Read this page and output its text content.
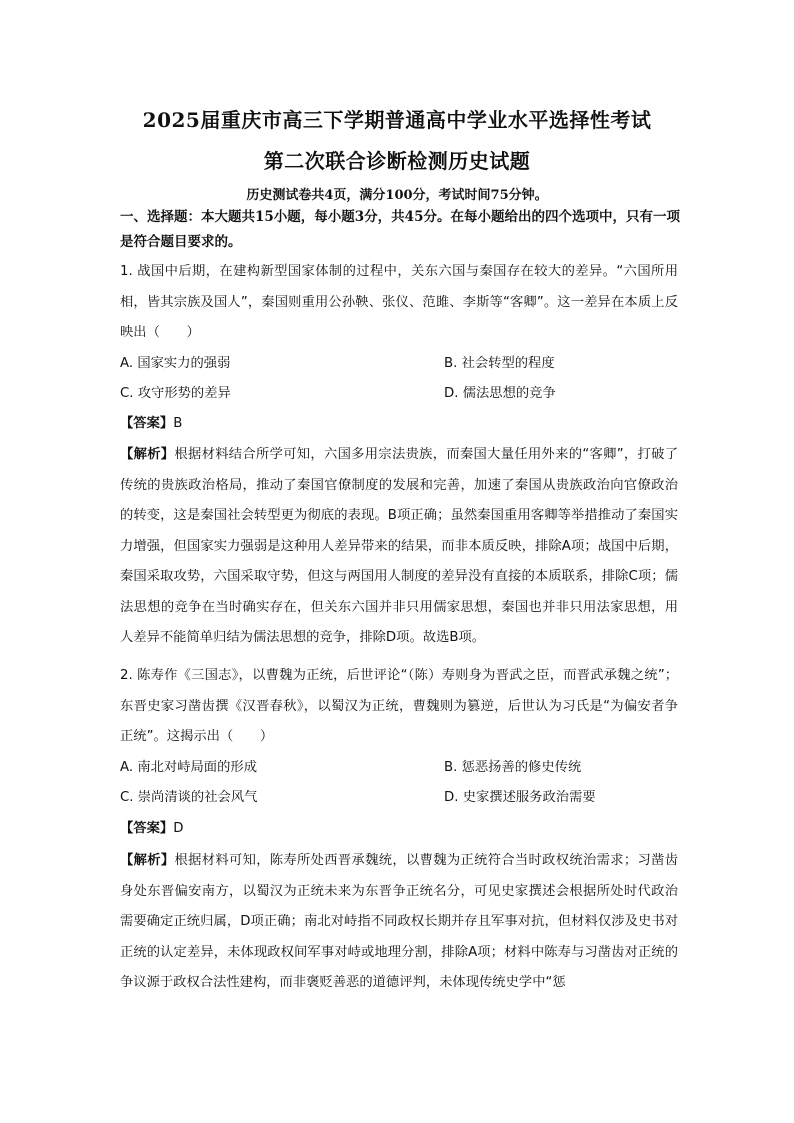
2025届重庆市高三下学期普通高中学业水平选择性考试
第二次联合诊断检测历史试题
历史测试卷共4页，满分100分，考试时间75分钟。
一、选择题：本大题共15小题，每小题3分，共45分。在每小题给出的四个选项中，只有一项是符合题目要求的。
1. 战国中后期，在建构新型国家体制的过程中，关东六国与秦国存在较大的差异。“六国所用相，皆其宗族及国人”，秦国则重用公孙鞅、张仪、范雎、李斯等“客卿”。这一差异在本质上反映出（　　）
A. 国家实力的强弱	B. 社会转型的程度
C. 攻守形势的差异	D. 儒法思想的竞争
【答案】B
【解析】根据材料结合所学可知，六国多用宗法贵族，而秦国大量任用外来的“客卿”，打破了传统的贵族政治格局，推动了秦国官僚制度的发展和完善，加速了秦国从贵族政治向官僚政治的转变，这是秦国社会转型更为彻底的表现。B项正确；虽然秦国重用客卿等举措推动了秦国实力增强，但国家实力强弱是这种用人差异带来的结果，而非本质反映，排除A项；战国中后期，秦国采取攻势，六国采取守势，但这与两国用人制度的差异没有直接的本质联系，排除C项；儒法思想的竞争在当时确实存在，但关东六国并非只用儒家思想，秦国也并非只用法家思想，用人差异不能简单归结为儒法思想的竞争，排除D项。故选B项。
2. 陈寿作《三国志》，以曹魏为正统，后世评论“（陈）寿则身为晋武之臣，而晋武承魏之统”；东晋史家习凿齿撰《汉晋春秋》，以蜀汉为正统，曹魏则为篡逆，后世认为习氏是“为偏安者争正统”。这揭示出（　　）
A. 南北对峙局面的形成	B. 惩恶扬善的修史传统
C. 崇尚清谈的社会风气	D. 史家撰述服务政治需要
【答案】D
【解析】根据材料可知，陈寿所处西晋承魏统，以曹魏为正统符合当时政权统治需求；习凿齿身处东晋偏安南方，以蜀汉为正统未来为东晋争正统名分，可见史家撰述会根据所处时代政治需要确定正统归属，D项正确；南北对峙指不同政权长期并存且军事对抗，但材料仅涉及史书对正统的认定差异，未体现政权间军事对峙或地理分割，排除A项；材料中陈寿与习凿齿对正统的争议源于政权合法性建构，而非褒贬善恶的道德评判，未体现传统史学中“惩
